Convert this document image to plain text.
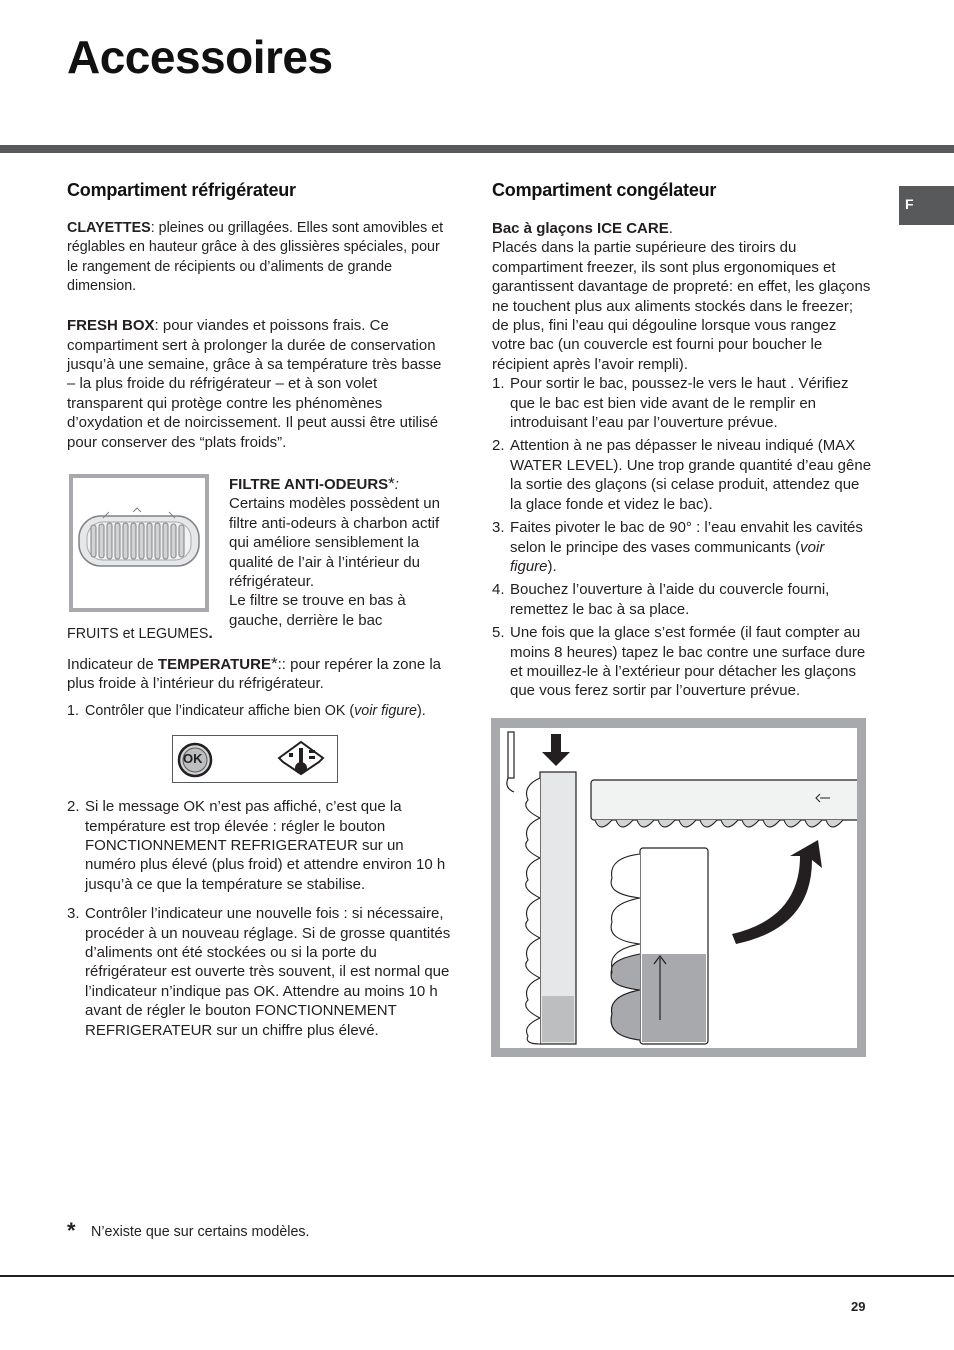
Accessoires
F
Compartiment réfrigérateur

CLAYETTES: pleines ou grillagées. Elles sont amovibles et réglables en hauteur grâce à des glissières spéciales, pour le rangement de récipients ou d’aliments de grande dimension.

FRESH BOX: pour viandes et poissons frais. Ce compartiment sert à prolonger la durée de conservation jusqu’à une semaine, grâce à sa température très basse – la plus froide du réfrigérateur – et à son volet transparent qui protège contre les phénomènes d’oxydation et de noircissement. Il peut aussi être utilisé pour conserver des “plats froids”.

FILTRE ANTI-ODEURS*:
Certains modèles possèdent un filtre anti-odeurs à charbon actif qui améliore sensiblement la qualité de l’air à l’intérieur du réfrigérateur.
Le filtre se trouve en bas à gauche, derrière le bac
FRUITS et LEGUMES.

Indicateur de TEMPERATURE*:: pour repérer la zone la plus froide à l’intérieur du réfrigérateur.

1. Contrôler que l’indicateur affiche bien OK (voir figure).
OK
2. Si le message OK n’est pas affiché, c’est que la température est trop élevée : régler le bouton FONCTIONNEMENT REFRIGERATEUR sur un numéro plus élevé (plus froid) et attendre environ 10 h jusqu’à ce que la température se stabilise.
3. Contrôler l’indicateur une nouvelle fois : si nécessaire, procéder à un nouveau réglage. Si de grosse quantités d’aliments ont été stockées ou si la porte du réfrigérateur est ouverte très souvent, il est normal que l’indicateur n’indique pas OK. Attendre au moins 10 h avant de régler le bouton FONCTIONNEMENT REFRIGERATEUR sur un chiffre plus élevé.
Compartiment congélateur

Bac à glaçons ICE CARE.
Placés dans la partie supérieure des tiroirs du compartiment freezer, ils sont plus ergonomiques et garantissent davantage de propreté: en effet, les glaçons ne touchent plus aux aliments stockés dans le freezer; de plus, fini l’eau qui dégouline lorsque vous rangez votre bac (un couvercle est fourni pour boucher le récipient après l’avoir rempli).

1. Pour sortir le bac, poussez-le vers le haut . Vérifiez que le bac est bien vide avant de le remplir en introduisant l’eau par l’ouverture prévue.
2. Attention à ne pas dépasser le niveau indiqué (MAX WATER LEVEL). Une trop grande quantité d’eau gêne la sortie des glaçons (si celase produit, attendez que la glace fonde et videz le bac).
3. Faites pivoter le bac de 90° : l’eau envahit les cavités selon le principe des vases communicants (voir figure).
4. Bouchez l’ouverture à l’aide du couvercle fourni, remettez le bac à sa place.
5. Une fois que la glace s’est formée (il faut compter au moins 8 heures) tapez le bac contre une surface dure et mouillez-le à l’extérieur pour détacher les glaçons que vous ferez sortir par l’ouverture prévue.
* N’existe que sur certains modèles.
29
